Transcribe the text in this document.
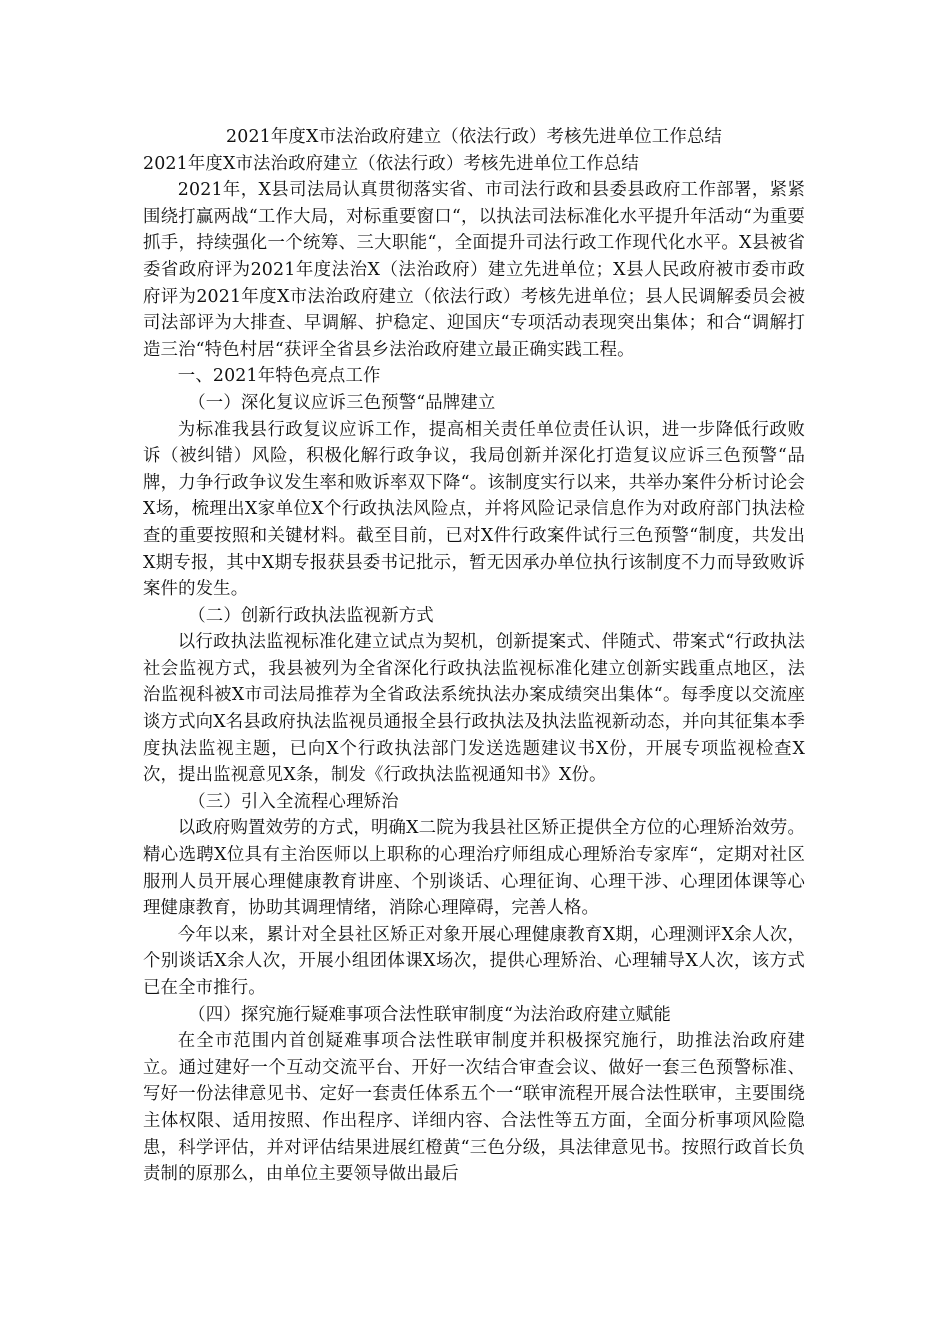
2021年度X市法治政府建立（依法行政）考核先进单位工作总结

2021年度X市法治政府建立（依法行政）考核先进单位工作总结

2021年，X县司法局认真贯彻落实省、市司法行政和县委县政府工作部署，紧紧围绕打赢两战“工作大局，对标重要窗口“，以执法司法标准化水平提升年活动“为重要抓手，持续强化一个统筹、三大职能“，全面提升司法行政工作现代化水平。X县被省委省政府评为2021年度法治X（法治政府）建立先进单位；X县人民政府被市委市政府评为2021年度X市法治政府建立（依法行政）考核先进单位；县人民调解委员会被司法部评为大排查、早调解、护稳定、迎国庆“专项活动表现突出集体；和合“调解打造三治“特色村居“获评全省县乡法治政府建立最正确实践工程。

一、2021年特色亮点工作

（一）深化复议应诉三色预警“品牌建立

为标准我县行政复议应诉工作，提高相关责任单位责任认识，进一步降低行政败诉（被纠错）风险，积极化解行政争议，我局创新并深化打造复议应诉三色预警“品牌，力争行政争议发生率和败诉率双下降“。该制度实行以来，共举办案件分析讨论会X场，梳理出X家单位X个行政执法风险点，并将风险记录信息作为对政府部门执法检查的重要按照和关键材料。截至目前，已对X件行政案件试行三色预警“制度，共发出X期专报，其中X期专报获县委书记批示，暂无因承办单位执行该制度不力而导致败诉案件的发生。

（二）创新行政执法监视新方式

以行政执法监视标准化建立试点为契机，创新提案式、伴随式、带案式“行政执法社会监视方式，我县被列为全省深化行政执法监视标准化建立创新实践重点地区，法治监视科被X市司法局推荐为全省政法系统执法办案成绩突出集体“。每季度以交流座谈方式向X名县政府执法监视员通报全县行政执法及执法监视新动态，并向其征集本季度执法监视主题，已向X个行政执法部门发送选题建议书X份，开展专项监视检查X次，提出监视意见X条，制发《行政执法监视通知书》X份。

（三）引入全流程心理矫治

以政府购置效劳的方式，明确X二院为我县社区矫正提供全方位的心理矫治效劳。精心选聘X位具有主治医师以上职称的心理治疗师组成心理矫治专家库“，定期对社区服刑人员开展心理健康教育讲座、个别谈话、心理征询、心理干涉、心理团体课等心理健康教育，协助其调理情绪，消除心理障碍，完善人格。

今年以来，累计对全县社区矫正对象开展心理健康教育X期，心理测评X余人次，个别谈话X余人次，开展小组团体课X场次，提供心理矫治、心理辅导X人次，该方式已在全市推行。

（四）探究施行疑难事项合法性联审制度“为法治政府建立赋能

在全市范围内首创疑难事项合法性联审制度并积极探究施行，助推法治政府建立。通过建好一个互动交流平台、开好一次结合审查会议、做好一套三色预警标准、写好一份法律意见书、定好一套责任体系五个一“联审流程开展合法性联审，主要围绕主体权限、适用按照、作出程序、详细内容、合法性等五方面，全面分析事项风险隐患，科学评估，并对评估结果进展红橙黄“三色分级，具法律意见书。按照行政首长负责制的原那么，由单位主要领导做出最后
